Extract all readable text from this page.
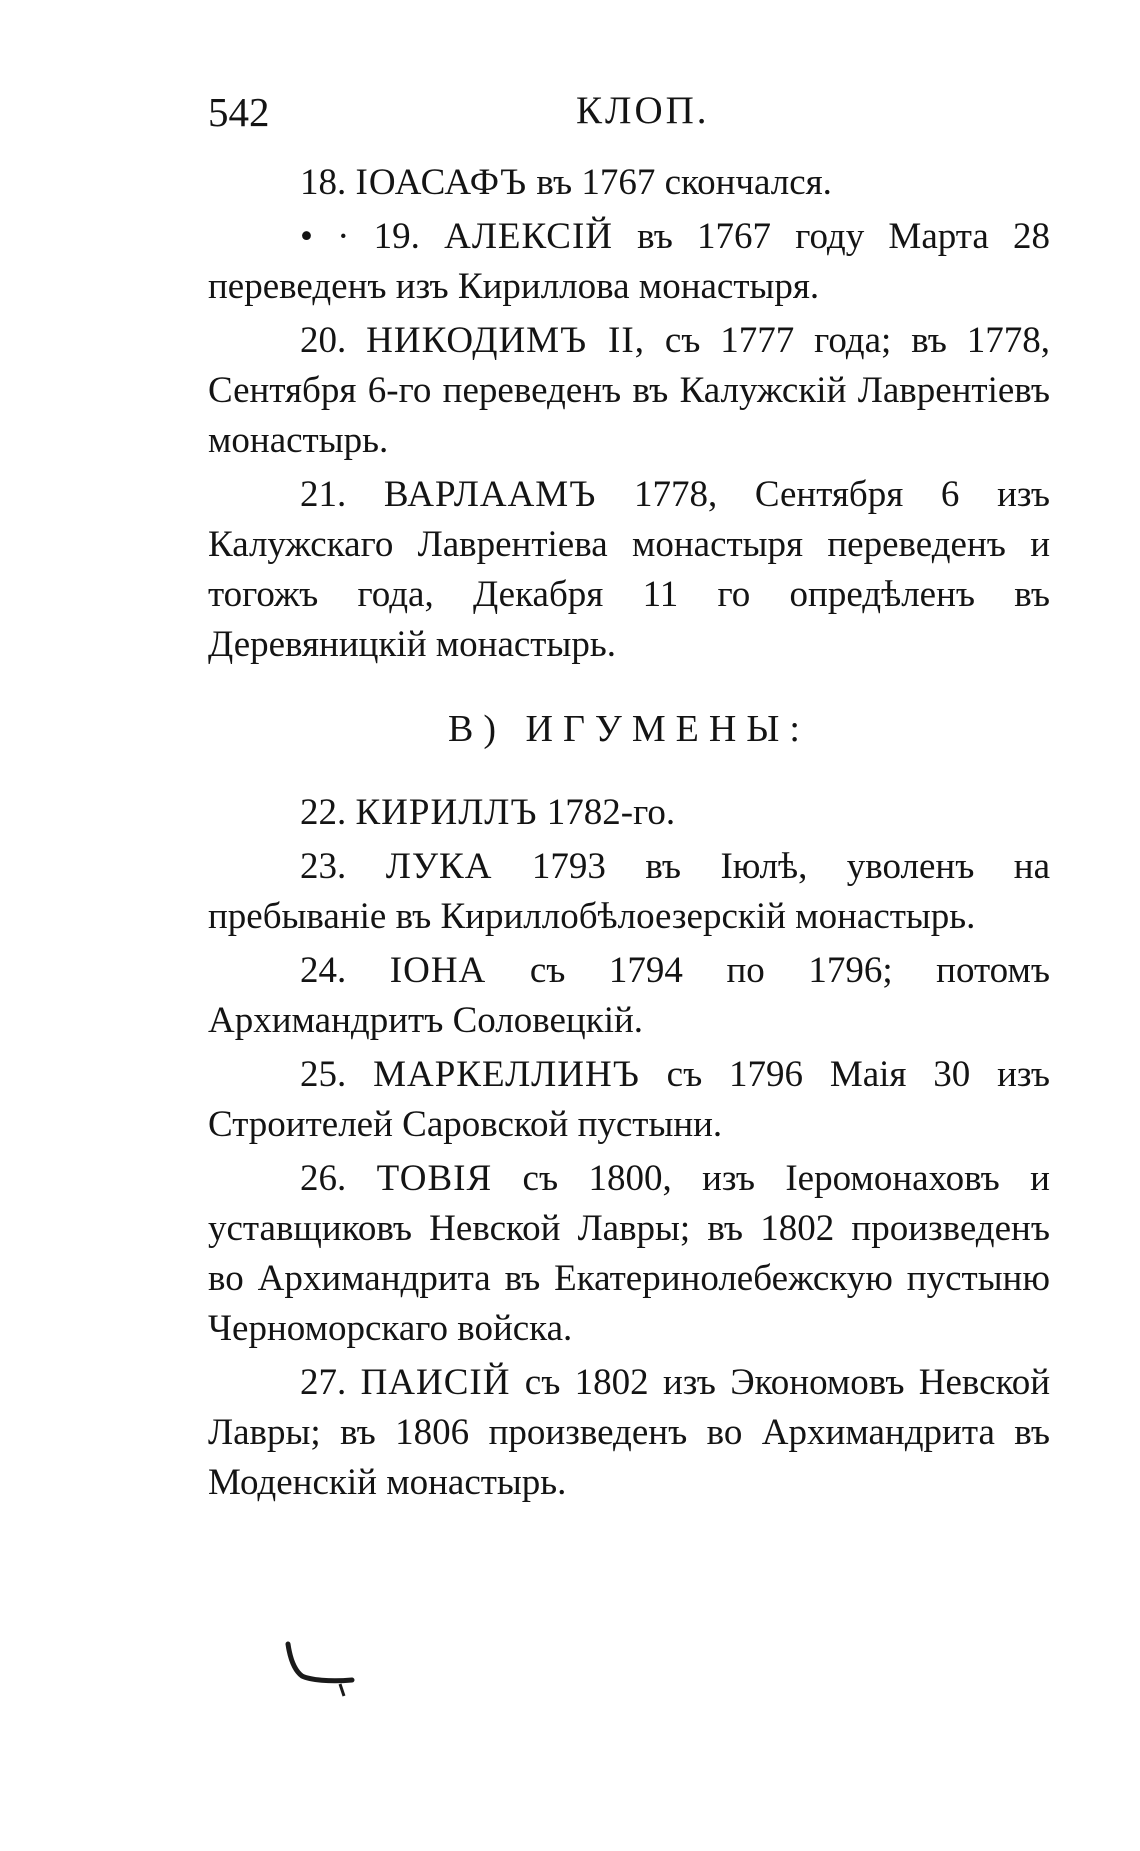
542	КЛОП.

18. ІОАСАФЪ въ 1767 скончался.

• · 19. АЛЕКСІЙ въ 1767 году Марта 28 переведенъ изъ Кириллова монастыря.

20. НИКОДИМЪ II, съ 1777 года; въ 1778, Сентября 6-го переведенъ въ Калужскій Лаврентіевъ монастырь.

21. ВАРЛААМЪ 1778, Сентября 6 изъ Калужскаго Лаврентіева монастыря переведенъ и тогожъ года, Декабря 11 го опредѣленъ въ Деревяницкій монастырь.

В) ИГУМЕНЫ:

22. КИРИЛЛЪ 1782-го.

23. ЛУКА 1793 въ Іюлѣ, уволенъ на пребываніе въ Кириллобѣлоезерскій монастырь.

24. ІОНА съ 1794 по 1796; потомъ Архимандритъ Соловецкій.

25. МАРКЕЛЛИНЪ съ 1796 Маія 30 изъ Строителей Саровской пустыни.

26. ТОВІЯ съ 1800, изъ Іеромонаховъ и уставщиковъ Невской Лавры; въ 1802 произведенъ во Архимандрита въ Екатеринолебежскую пустыню Черноморскаго войска.

27. ПАИСІЙ съ 1802 изъ Экономовъ Невской Лавры; въ 1806 произведенъ во Архимандрита въ Моденскій монастырь.
